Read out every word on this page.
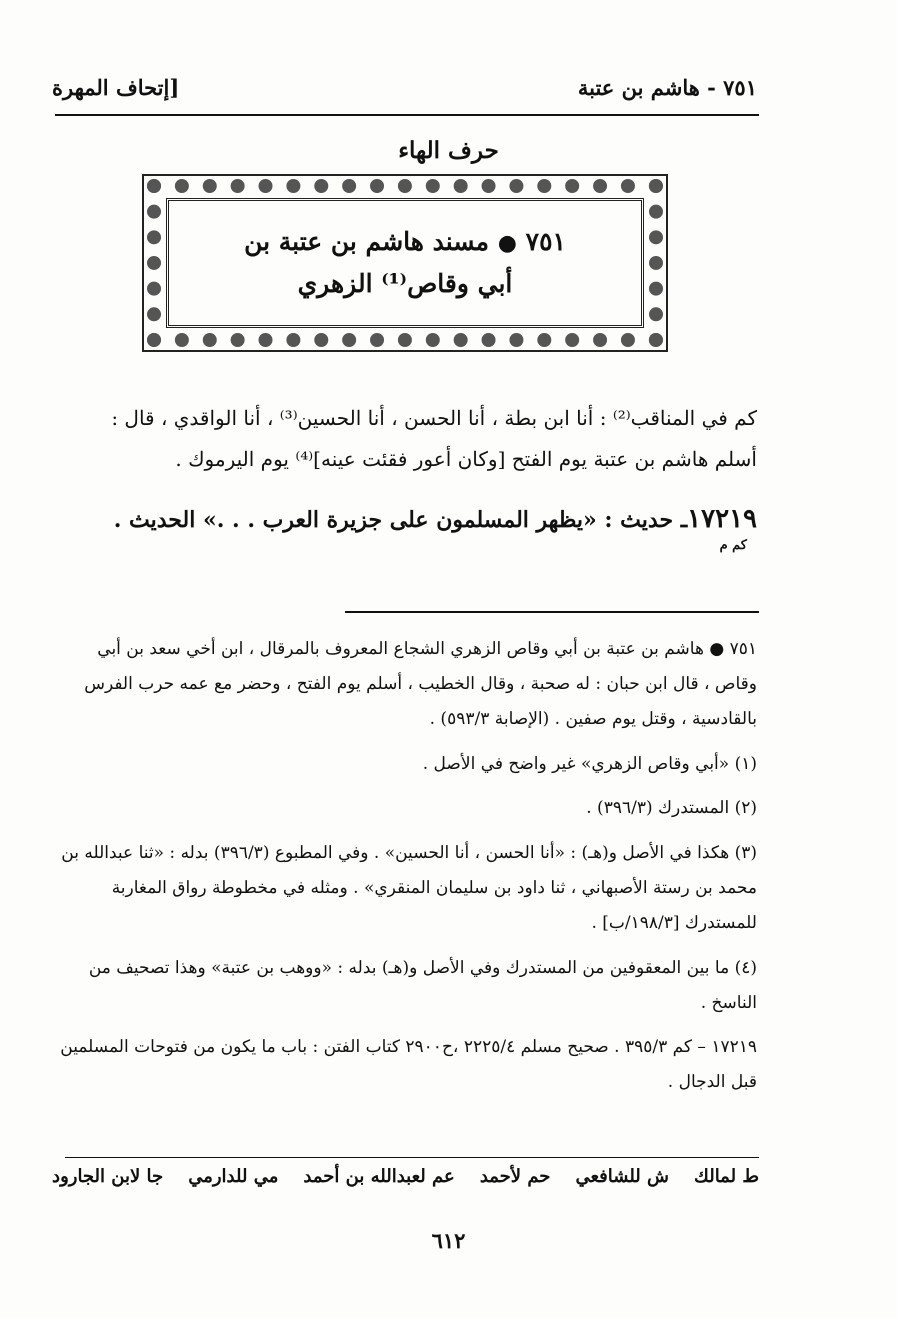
٧٥١ - هاشم بن عتبة
[إتحاف المهرة
حرف الهاء
٧٥١ ● مسند هاشم بن عتبة بن
أبي وقاص⁽¹⁾ الزهري
كم في المناقب⁽²⁾ : أنا ابن بطة ، أنا الحسن ، أنا الحسين⁽³⁾ ، أنا الواقدي ، قال :
أسلم هاشم بن عتبة يوم الفتح [وكان أعور فقئت عينه]⁽⁴⁾ يوم اليرموك .
١٧٢١٩ـ حديث : «يظهر المسلمون على جزيرة العرب . . .» الحديث .
كم م

٧٥١ ● هاشم بن عتبة بن أبي وقاص الزهري الشجاع المعروف بالمرقال ، ابن أخي سعد بن أبي وقاص ، قال ابن حبان : له صحبة ، وقال الخطيب ، أسلم يوم الفتح ، وحضر مع عمه حرب الفرس بالقادسية ، وقتل يوم صفين . (الإصابة ٥٩٣/٣) .

(١) «أبي وقاص الزهري» غير واضح في الأصل .

(٢) المستدرك (٣٩٦/٣) .

(٣) هكذا في الأصل و(هـ) : «أنا الحسن ، أنا الحسين» . وفي المطبوع (٣٩٦/٣) بدله : «ثنا عبدالله بن محمد بن رستة الأصبهاني ، ثنا داود بن سليمان المنقري» . ومثله في مخطوطة رواق المغاربة للمستدرك [١٩٨/٣/ب] .

(٤) ما بين المعقوفين من المستدرك وفي الأصل و(هـ) بدله : «ووهب بن عتبة» وهذا تصحيف من الناسخ .

١٧٢١٩ – كم ٣٩٥/٣ . صحيح مسلم ٢٢٢٥/٤ ،ح٢٩٠٠ كتاب الفتن : باب ما يكون من فتوحات المسلمين قبل الدجال .

ط لمالك
ش للشافعي
حم لأحمد
عم لعبدالله بن أحمد
مي للدارمي
جا لابن الجارود
٦١٢
